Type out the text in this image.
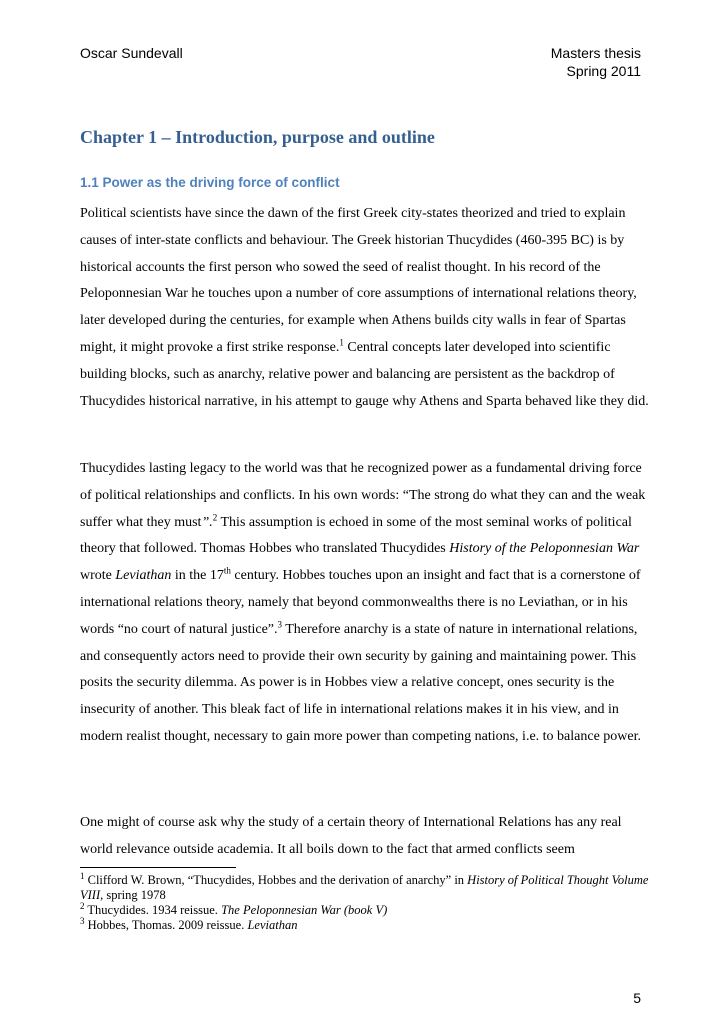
Oscar Sundevall	Masters thesis
Spring 2011
Chapter 1 – Introduction, purpose and outline
1.1 Power as the driving force of conflict

Political scientists have since the dawn of the first Greek city-states theorized and tried to explain causes of inter-state conflicts and behaviour. The Greek historian Thucydides (460-395 BC) is by historical accounts the first person who sowed the seed of realist thought. In his record of the Peloponnesian War he touches upon a number of core assumptions of international relations theory, later developed during the centuries, for example when Athens builds city walls in fear of Spartas might, it might provoke a first strike response.$^1$ Central concepts later developed into scientific building blocks, such as anarchy, relative power and balancing are persistent as the backdrop of Thucydides historical narrative, in his attempt to gauge why Athens and Sparta behaved like they did.

Thucydides lasting legacy to the world was that he recognized power as a fundamental driving force of political relationships and conflicts. In his own words: “The strong do what they can and the weak suffer what they must”.$^2$ This assumption is echoed in some of the most seminal works of political theory that followed. Thomas Hobbes who translated Thucydides History of the Peloponnesian War wrote Leviathan in the 17th century. Hobbes touches upon an insight and fact that is a cornerstone of international relations theory, namely that beyond commonwealths there is no Leviathan, or in his words “no court of natural justice”.$^3$ Therefore anarchy is a state of nature in international relations, and consequently actors need to provide their own security by gaining and maintaining power. This posits the security dilemma. As power is in Hobbes view a relative concept, ones security is the insecurity of another. This bleak fact of life in international relations makes it in his view, and in modern realist thought, necessary to gain more power than competing nations, i.e. to balance power.

One might of course ask why the study of a certain theory of International Relations has any real world relevance outside academia. It all boils down to the fact that armed conflicts seem

$^1$ Clifford W. Brown, “Thucydides, Hobbes and the derivation of anarchy” in History of Political Thought Volume VIII, spring 1978

$^2$ Thucydides. 1934 reissue. The Peloponnesian War (book V)

$^3$ Hobbes, Thomas. 2009 reissue. Leviathan

5
